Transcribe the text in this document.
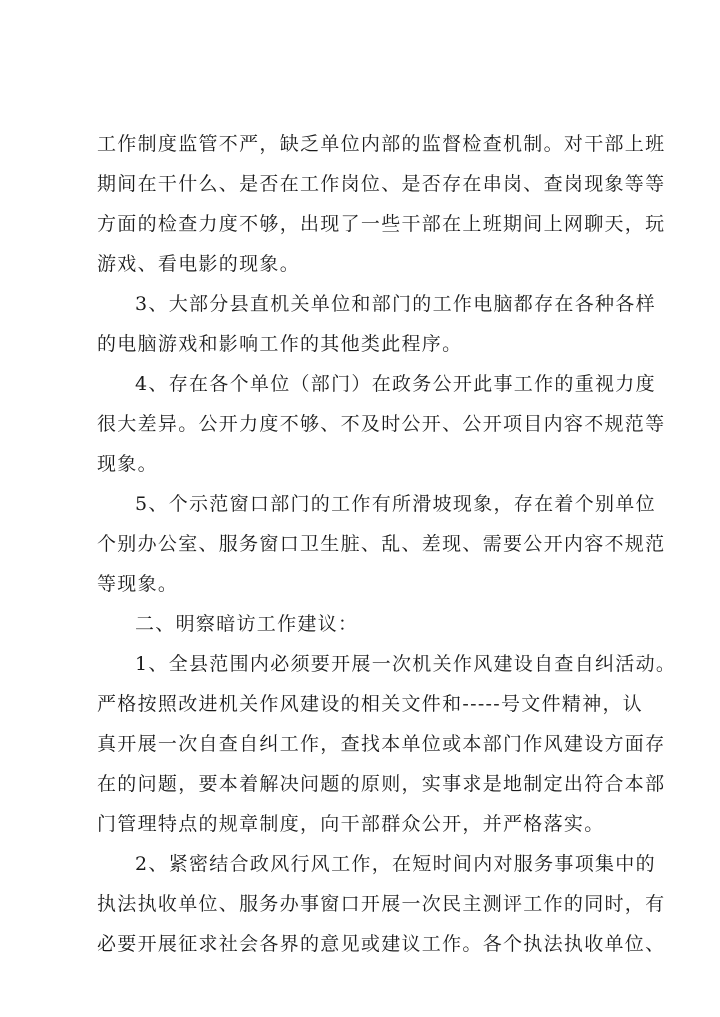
工作制度监管不严，缺乏单位内部的监督检查机制。对干部上班
期间在干什么、是否在工作岗位、是否存在串岗、查岗现象等等
方面的检查力度不够，出现了一些干部在上班期间上网聊天，玩
游戏、看电影的现象。
3、大部分县直机关单位和部门的工作电脑都存在各种各样
的电脑游戏和影响工作的其他类此程序。
4、存在各个单位（部门）在政务公开此事工作的重视力度
很大差异。公开力度不够、不及时公开、公开项目内容不规范等
现象。
5、个示范窗口部门的工作有所滑坡现象，存在着个别单位
个别办公室、服务窗口卫生脏、乱、差现、需要公开内容不规范
等现象。
二、明察暗访工作建议：
1、全县范围内必须要开展一次机关作风建设自查自纠活动。
严格按照改进机关作风建设的相关文件和-----号文件精神，认
真开展一次自查自纠工作，查找本单位或本部门作风建设方面存
在的问题，要本着解决问题的原则，实事求是地制定出符合本部
门管理特点的规章制度，向干部群众公开，并严格落实。
2、紧密结合政风行风工作，在短时间内对服务事项集中的
执法执收单位、服务办事窗口开展一次民主测评工作的同时，有
必要开展征求社会各界的意见或建议工作。各个执法执收单位、
